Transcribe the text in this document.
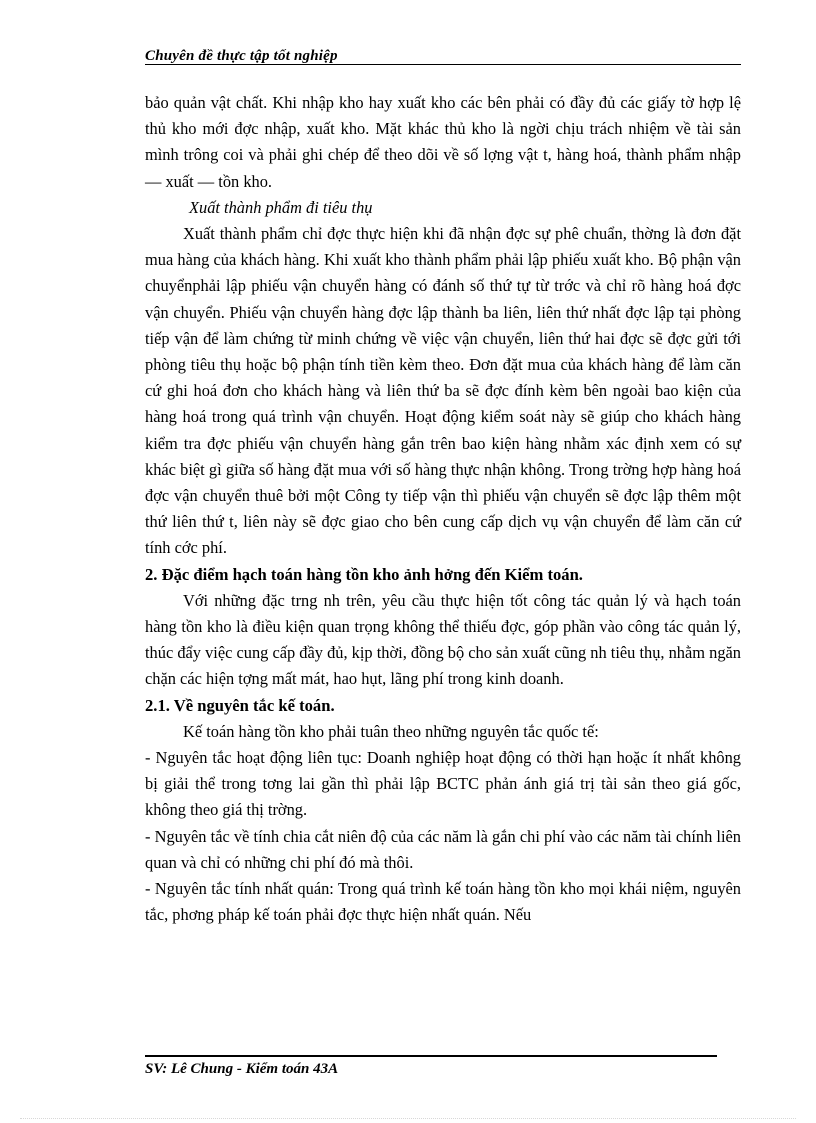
Chuyên đề thực tập tốt nghiệp

bảo quản vật chất. Khi nhập kho hay xuất kho các bên phải có đầy đủ các giấy tờ hợp lệ thủ kho mới đợc nhập, xuất kho. Mặt khác thủ kho là ngời chịu trách nhiệm về tài sản mình trông coi và phải ghi chép để theo dõi về số lợng vật t, hàng hoá, thành phẩm nhập — xuất — tồn kho.

Xuất thành phẩm đi tiêu thụ

Xuất thành phẩm chỉ đợc thực hiện khi đã nhận đợc sự phê chuẩn, thờng là đơn đặt mua hàng của khách hàng. Khi xuất kho thành phẩm phải lập phiếu xuất kho. Bộ phận vận chuyểnphải lập phiếu vận chuyển hàng có đánh số thứ tự từ trớc và chỉ rõ hàng hoá đợc vận chuyển. Phiếu vận chuyển hàng đợc lập thành ba liên, liên thứ nhất đợc lập tại phòng tiếp vận để làm chứng từ minh chứng về việc vận chuyển, liên thứ hai đợc sẽ đợc gửi tới phòng tiêu thụ hoặc bộ phận tính tiền kèm theo. Đơn đặt mua của khách hàng để làm căn cứ ghi hoá đơn cho khách hàng và liên thứ ba sẽ đợc đính kèm bên ngoài bao kiện của hàng hoá trong quá trình vận chuyển. Hoạt động kiểm soát này sẽ giúp cho khách hàng kiểm tra đợc phiếu vận chuyển hàng gắn trên bao kiện hàng nhằm xác định xem có sự khác biệt gì giữa số hàng đặt mua với số hàng thực nhận không. Trong trờng hợp hàng hoá đợc vận chuyển thuê bởi một Công ty tiếp vận thì phiếu vận chuyển sẽ đợc lập thêm một thứ liên thứ t, liên này sẽ đợc giao cho bên cung cấp dịch vụ vận chuyển để làm căn cứ tính cớc phí.

2. Đặc điểm hạch toán hàng tồn kho ảnh hởng đến Kiểm toán.

Với những đặc trng nh trên, yêu cầu thực hiện tốt công tác quản lý và hạch toán hàng tồn kho là điều kiện quan trọng không thể thiếu đợc, góp phần vào công tác quản lý, thúc đẩy việc cung cấp đầy đủ, kịp thời, đồng bộ cho sản xuất cũng nh tiêu thụ, nhằm ngăn chặn các hiện tợng mất mát, hao hụt, lãng phí trong kinh doanh.

2.1. Về nguyên tắc kế toán.

Kế toán hàng tồn kho phải tuân theo những nguyên tắc quốc tế:

- Nguyên tắc hoạt động liên tục: Doanh nghiệp hoạt động có thời hạn hoặc ít nhất không bị giải thể trong tơng lai gần thì phải lập BCTC phản ánh giá trị tài sản theo giá gốc, không theo giá thị trờng.

- Nguyên tắc về tính chia cắt niên độ của các năm là gắn chi phí vào các năm tài chính liên quan và chỉ có những chi phí đó mà thôi.

- Nguyên tắc tính nhất quán: Trong quá trình kế toán hàng tồn kho mọi khái niệm, nguyên tắc, phơng pháp kế toán phải đợc thực hiện nhất quán. Nếu

SV: Lê Chung - Kiểm toán 43A
